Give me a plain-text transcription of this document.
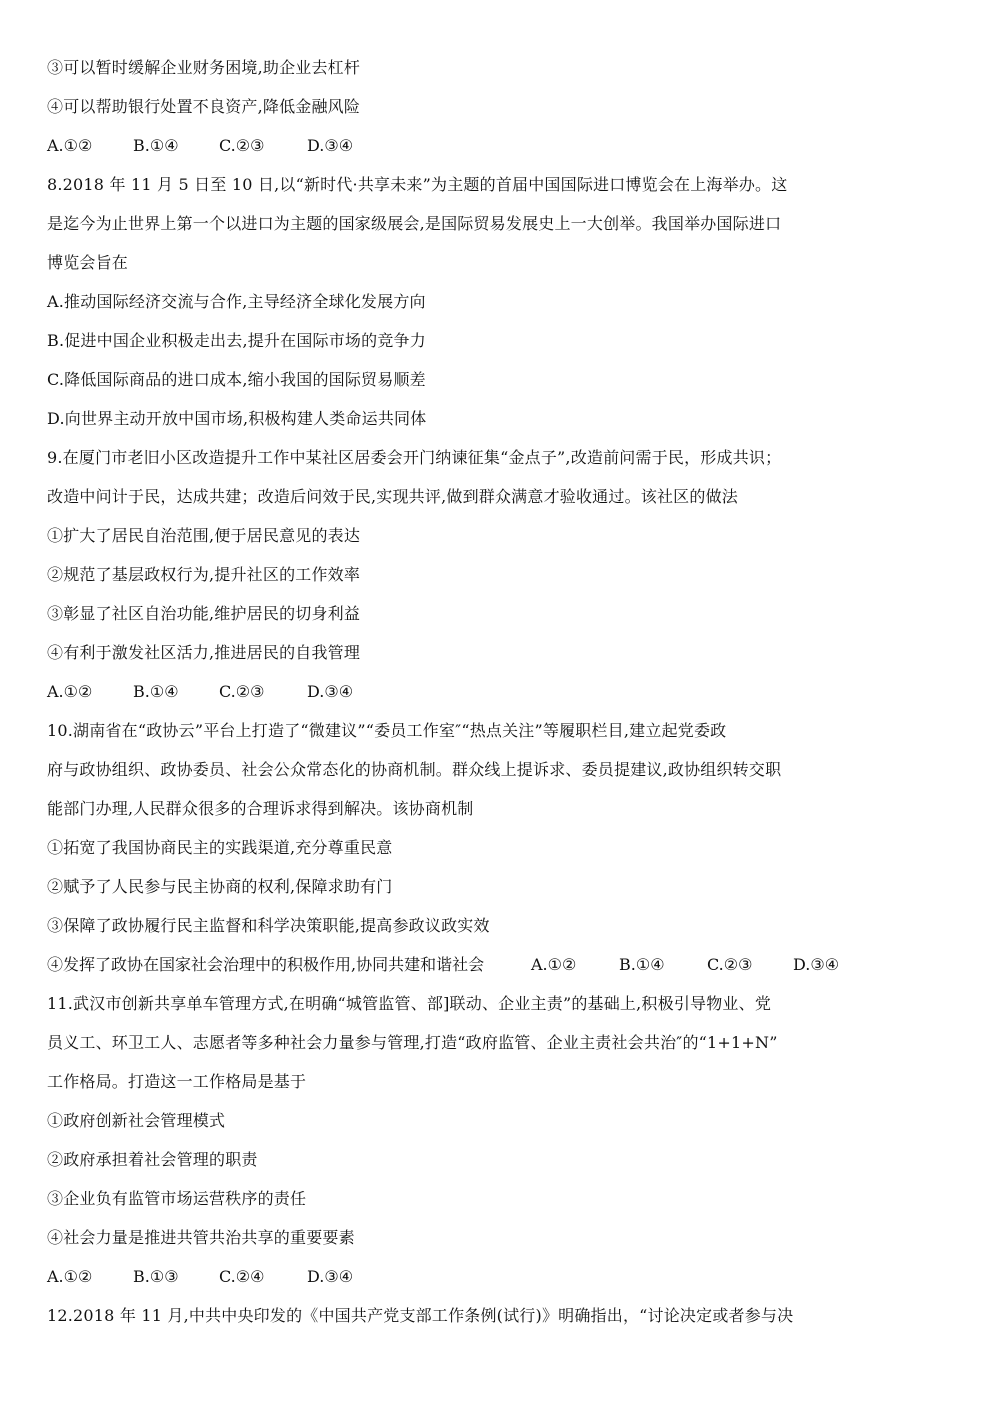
③可以暂时缓解企业财务困境,助企业去杠杆
④可以帮助银行处置不良资产,降低金融风险
A.①②	B.①④	C.②③	D.③④
8.2018 年 11 月 5 日至 10 日,以“新时代·共享未来”为主题的首届中国国际进口博览会在上海举办。这
是迄今为止世界上第一个以进口为主题的国家级展会,是国际贸易发展史上一大创举。我国举办国际进口
博览会旨在
A.推动国际经济交流与合作,主导经济全球化发展方向
B.促进中国企业积极走出去,提升在国际市场的竞争力
C.降低国际商品的进口成本,缩小我国的国际贸易顺差
D.向世界主动开放中国市场,积极构建人类命运共同体
9.在厦门市老旧小区改造提升工作中某社区居委会开门纳谏征集“金点子”,改造前问需于民，形成共识；
改造中问计于民，达成共建；改造后问效于民,实现共评,做到群众满意才验收通过。该社区的做法
①扩大了居民自治范围,便于居民意见的表达
②规范了基层政权行为,提升社区的工作效率
③彰显了社区自治功能,维护居民的切身利益
④有利于激发社区活力,推进居民的自我管理
A.①②	B.①④	C.②③	D.③④
10.湖南省在“政协云”平台上打造了“微建议”“委员工作室″“热点关注”等履职栏目,建立起党委政
府与政协组织、政协委员、社会公众常态化的协商机制。群众线上提诉求、委员提建议,政协组织转交职
能部门办理,人民群众很多的合理诉求得到解决。该协商机制
①拓宽了我国协商民主的实践渠道,充分尊重民意
②赋予了人民参与民主协商的权利,保障求助有门
③保障了政协履行民主监督和科学决策职能,提高参政议政实效
④发挥了政协在国家社会治理中的积极作用,协同共建和谐社会	A.①②	B.①④	C.②③	D.③④
11.武汉市创新共享单车管理方式,在明确“城管监管、部]联动、企业主责”的基础上,积极引导物业、党
员义工、环卫工人、志愿者等多种社会力量参与管理,打造“政府监管、企业主责社会共治″的“1+1+N”
工作格局。打造这一工作格局是基于
①政府创新社会管理模式
②政府承担着社会管理的职责
③企业负有监管市场运营秩序的责任
④社会力量是推进共管共治共享的重要要素
A.①②	B.①③	C.②④	D.③④
12.2018 年 11 月,中共中央印发的《中国共产党支部工作条例(试行)》明确指出，“讨论决定或者参与决
